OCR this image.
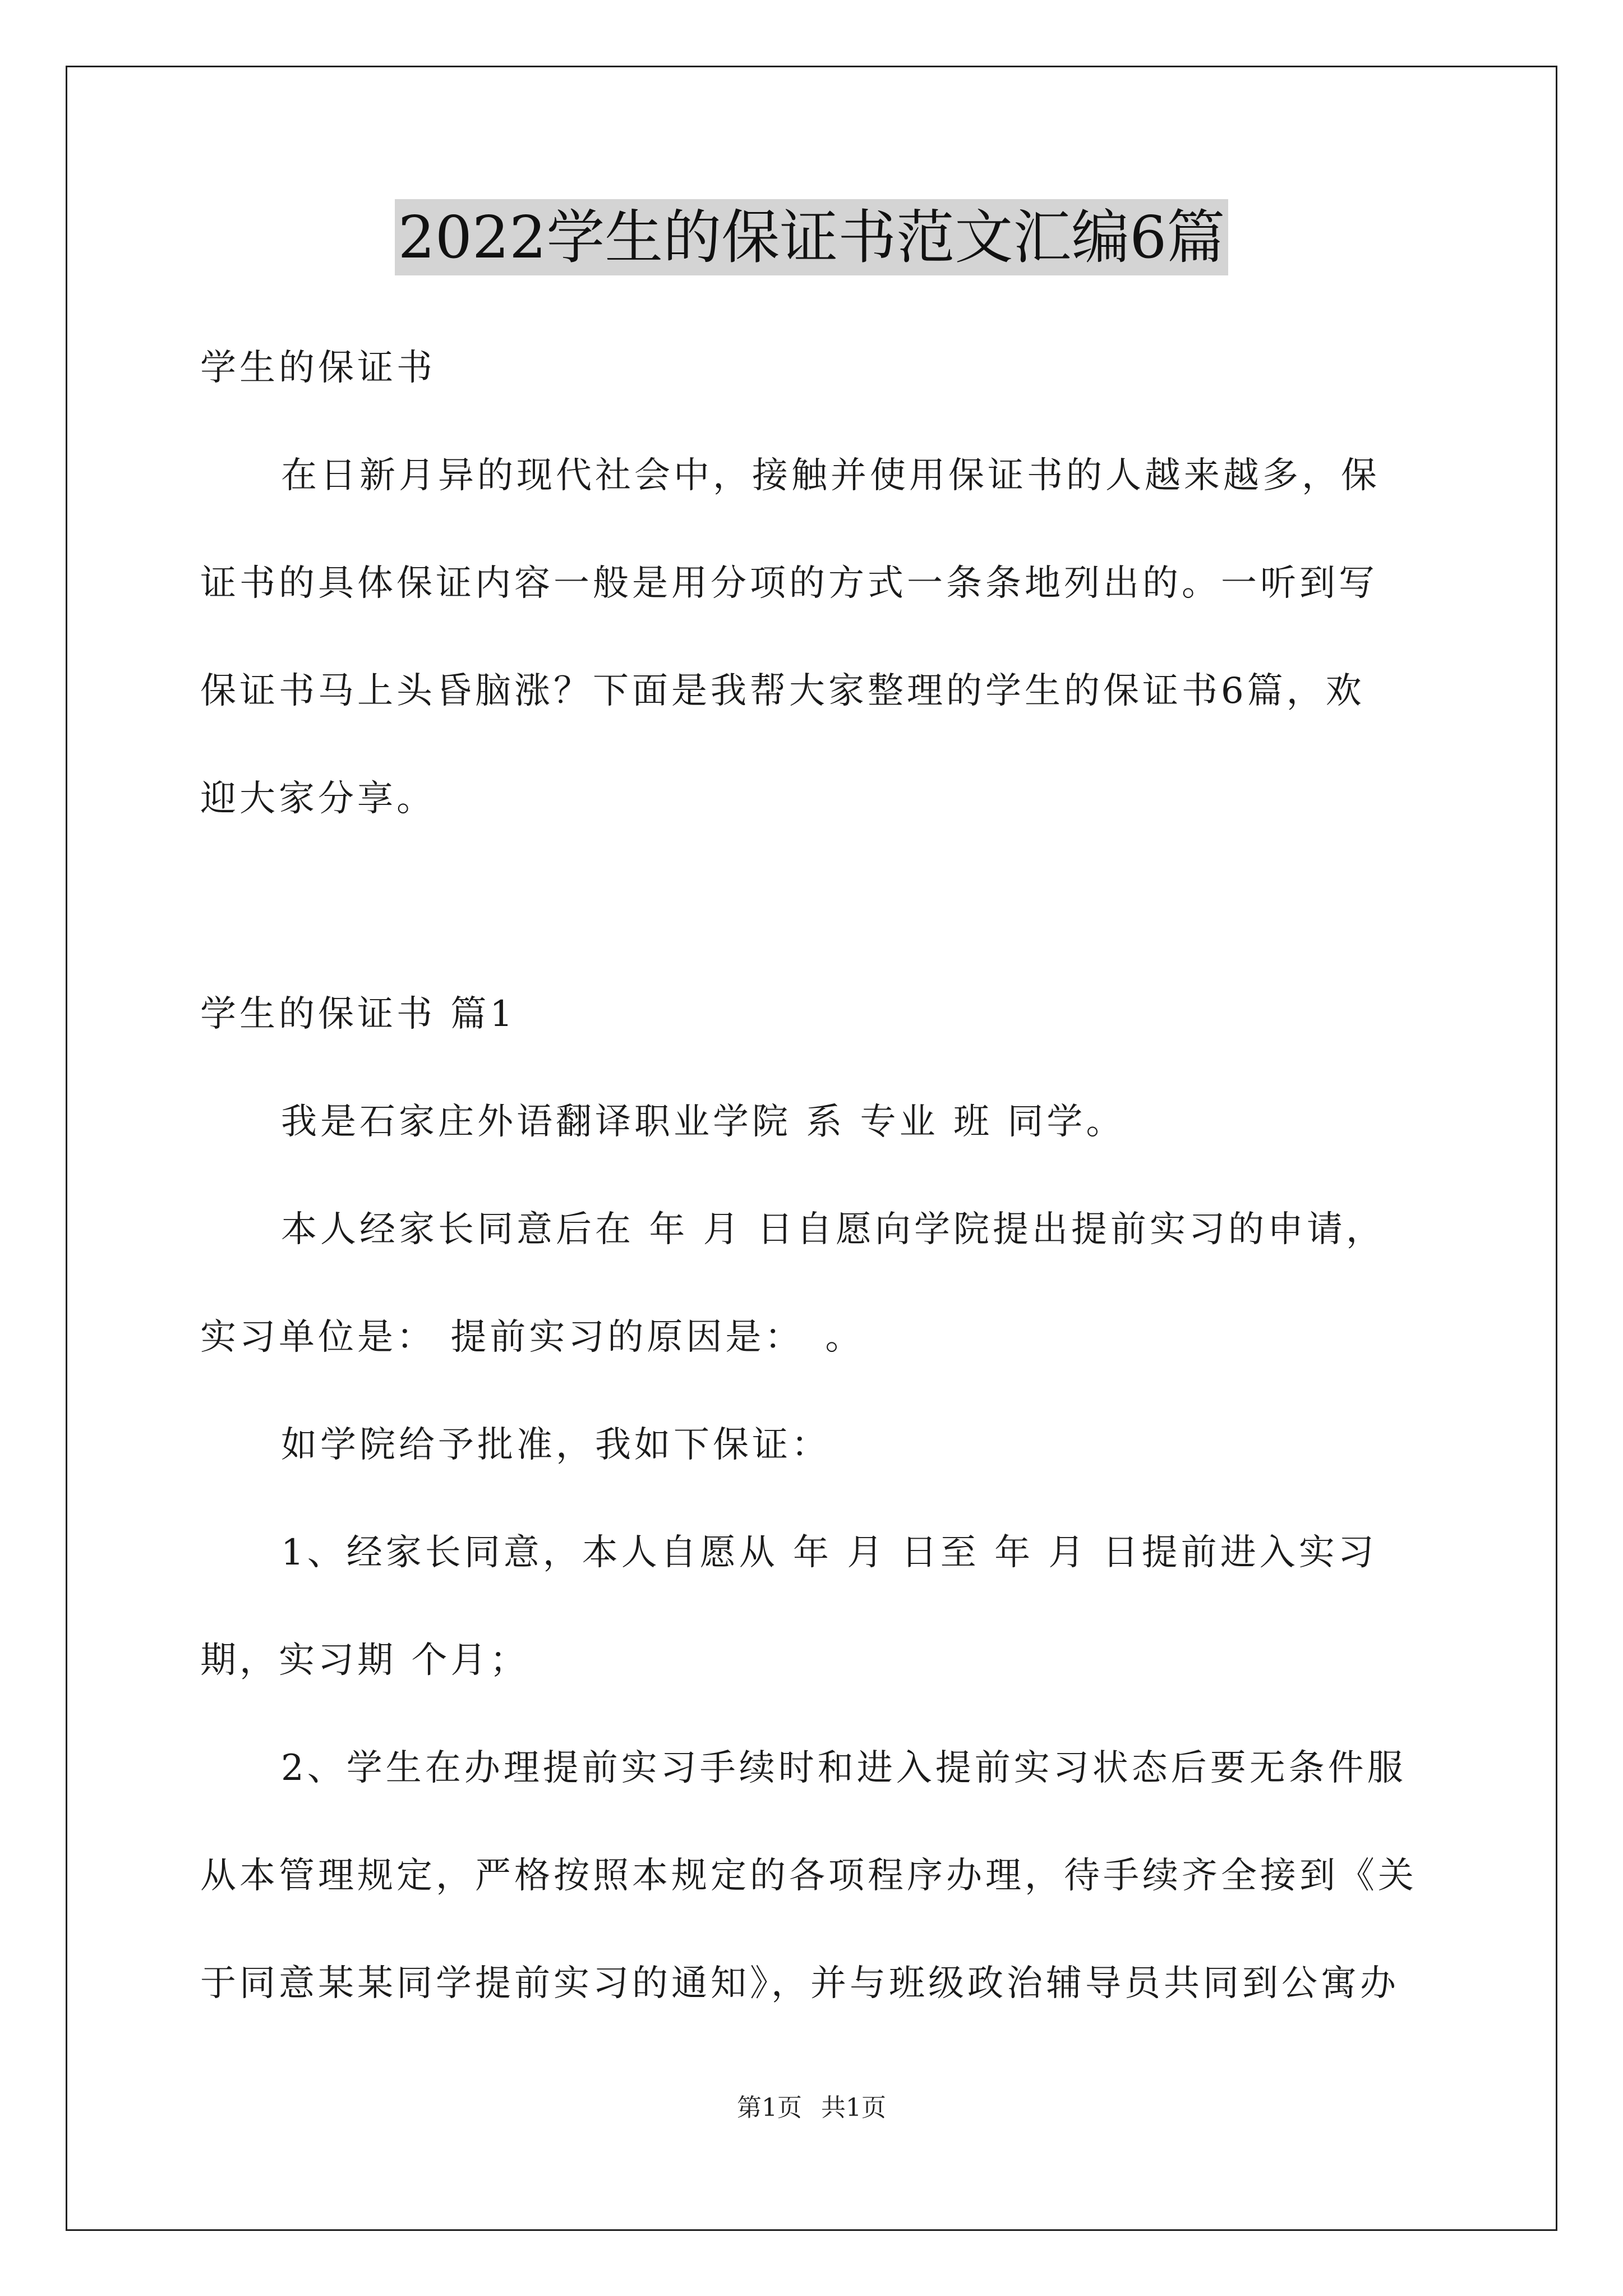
2022学生的保证书范文汇编6篇
学生的保证书
在日新月异的现代社会中，接触并使用保证书的人越来越多，保
证书的具体保证内容一般是用分项的方式一条条地列出的。一听到写
保证书马上头昏脑涨？下面是我帮大家整理的学生的保证书6篇，欢
迎大家分享。
学生的保证书 篇1
我是石家庄外语翻译职业学院 系 专业 班 同学。
本人经家长同意后在 年 月 日自愿向学院提出提前实习的申请，
实习单位是： 提前实习的原因是：　。
如学院给予批准，我如下保证：
1、经家长同意，本人自愿从 年 月 日至 年 月 日提前进入实习
期，实习期 个月；
2、学生在办理提前实习手续时和进入提前实习状态后要无条件服
从本管理规定，严格按照本规定的各项程序办理，待手续齐全接到《关
于同意某某同学提前实习的通知》，并与班级政治辅导员共同到公寓办
第1页 共1页
